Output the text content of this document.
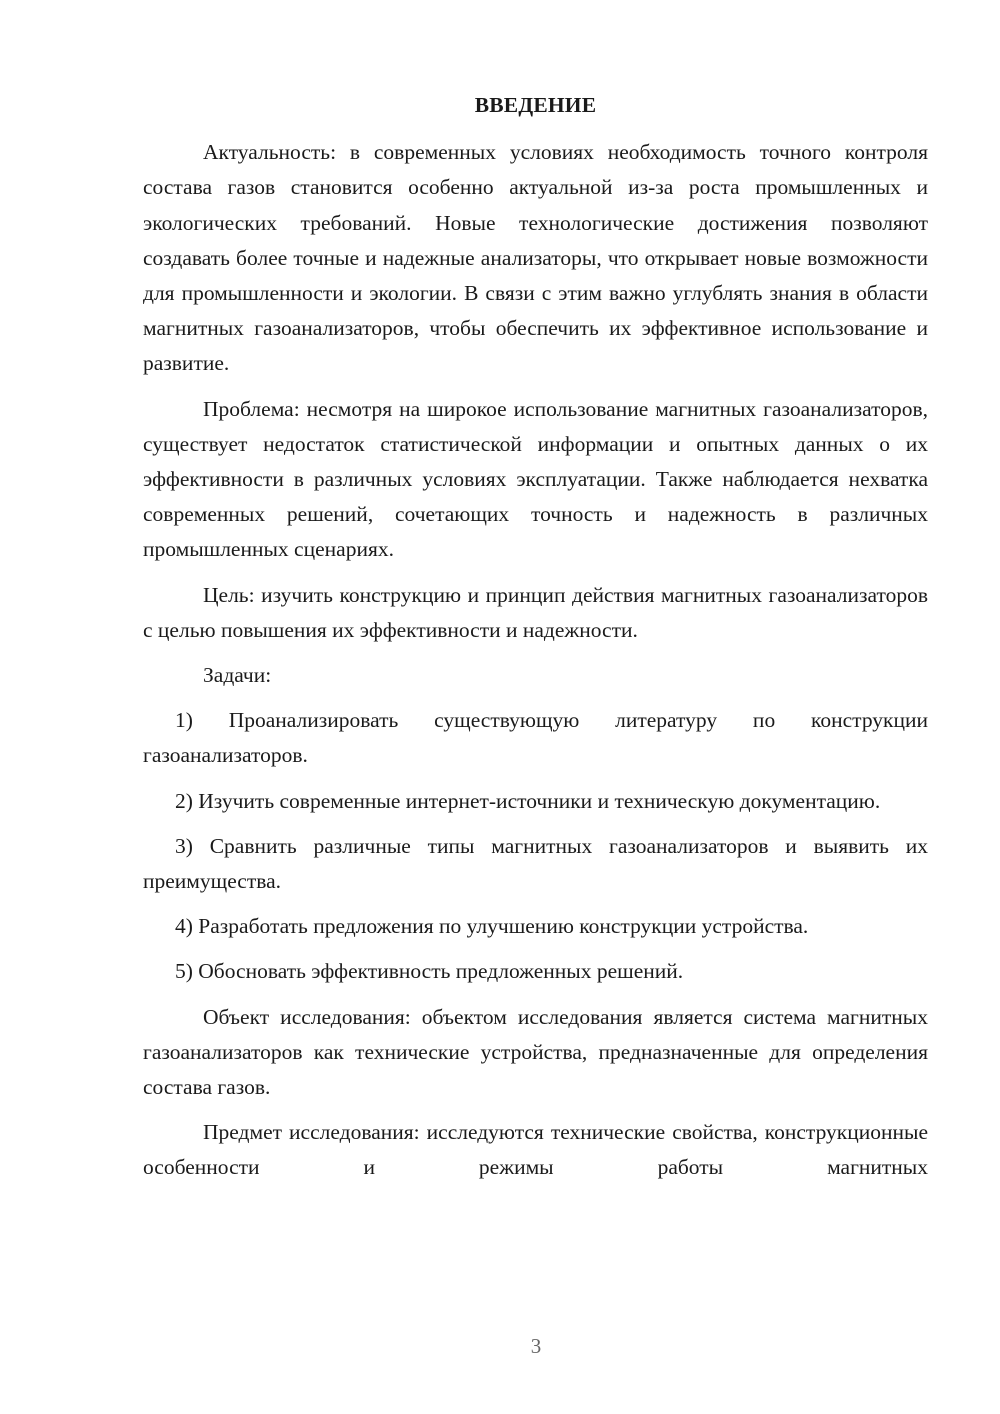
ВВЕДЕНИЕ

Актуальность: в современных условиях необходимость точного контроля состава газов становится особенно актуальной из-за роста промышленных и экологических требований. Новые технологические достижения позволяют создавать более точные и надежные анализаторы, что открывает новые возможности для промышленности и экологии. В связи с этим важно углублять знания в области магнитных газоанализаторов, чтобы обеспечить их эффективное использование и развитие.

Проблема: несмотря на широкое использование магнитных газоанализаторов, существует недостаток статистической информации и опытных данных о их эффективности в различных условиях эксплуатации. Также наблюдается нехватка современных решений, сочетающих точность и надежность в различных промышленных сценариях.

Цель: изучить конструкцию и принцип действия магнитных газоанализаторов с целью повышения их эффективности и надежности.

Задачи:

1) Проанализировать существующую литературу по конструкции газоанализаторов.

2) Изучить современные интернет-источники и техническую документацию.

3) Сравнить различные типы магнитных газоанализаторов и выявить их преимущества.

4) Разработать предложения по улучшению конструкции устройства.

5) Обосновать эффективность предложенных решений.

Объект исследования: объектом исследования является система магнитных газоанализаторов как технические устройства, предназначенные для определения состава газов.

Предмет исследования: исследуются технические свойства, конструкционные особенности и режимы работы магнитных

3
